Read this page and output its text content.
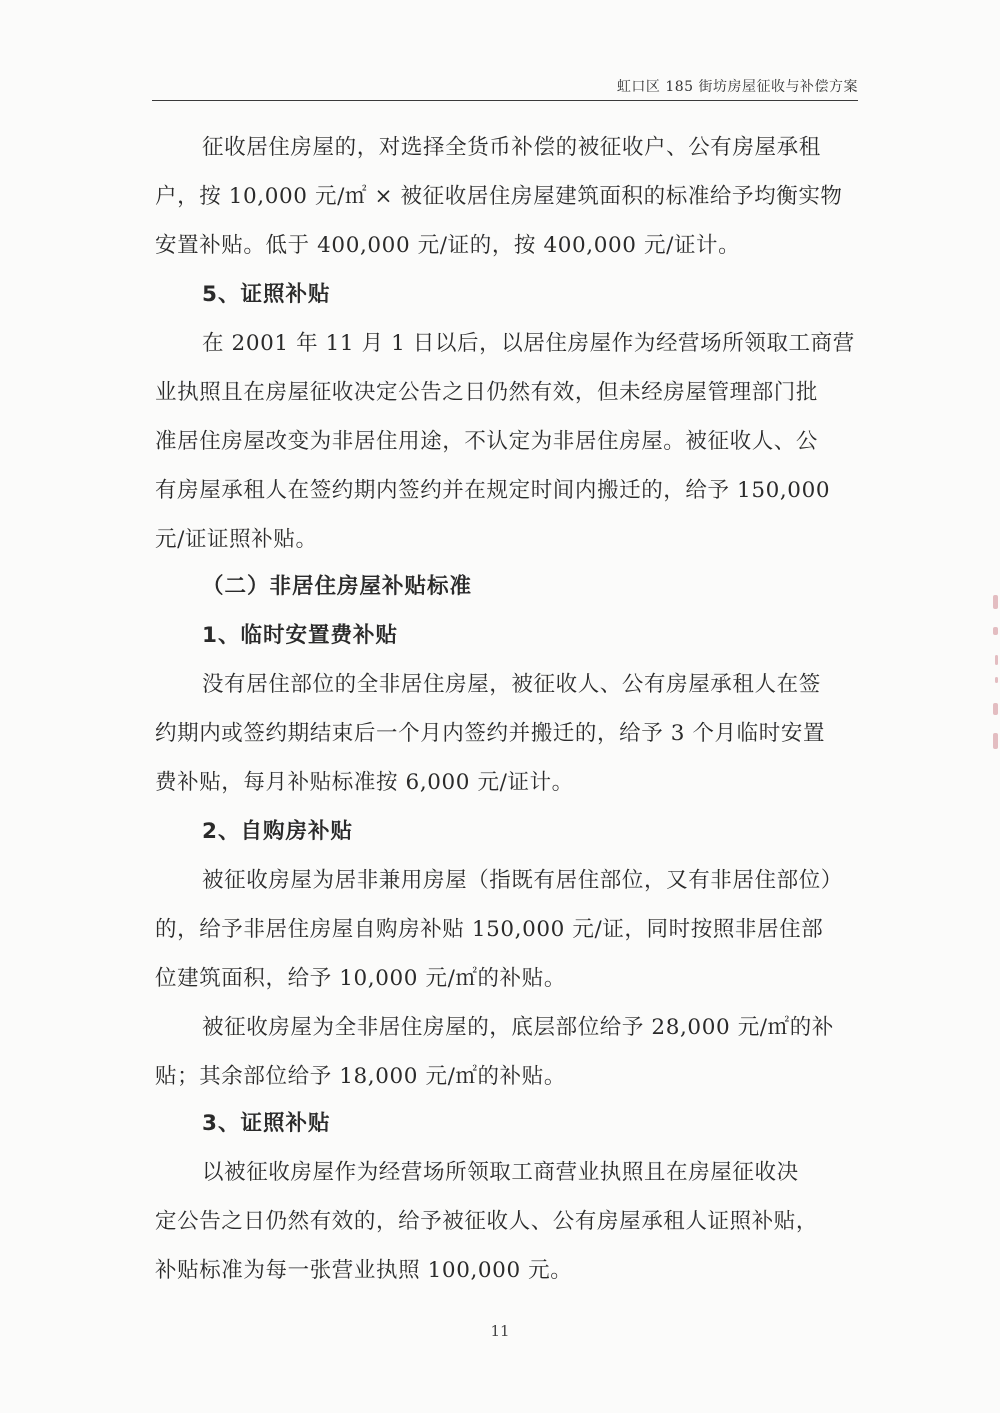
虹口区 185 街坊房屋征收与补偿方案
征收居住房屋的，对选择全货币补偿的被征收户、公有房屋承租
户，按 10,000 元/㎡ × 被征收居住房屋建筑面积的标准给予均衡实物
安置补贴。低于 400,000 元/证的，按 400,000 元/证计。
5、证照补贴
在 2001 年 11 月 1 日以后，以居住房屋作为经营场所领取工商营
业执照且在房屋征收决定公告之日仍然有效，但未经房屋管理部门批
准居住房屋改变为非居住用途，不认定为非居住房屋。被征收人、公
有房屋承租人在签约期内签约并在规定时间内搬迁的，给予 150,000
元/证证照补贴。
（二）非居住房屋补贴标准
1、临时安置费补贴
没有居住部位的全非居住房屋，被征收人、公有房屋承租人在签
约期内或签约期结束后一个月内签约并搬迁的，给予 3 个月临时安置
费补贴，每月补贴标准按 6,000 元/证计。
2、自购房补贴
被征收房屋为居非兼用房屋（指既有居住部位，又有非居住部位）
的，给予非居住房屋自购房补贴 150,000 元/证，同时按照非居住部
位建筑面积，给予 10,000 元/㎡的补贴。
被征收房屋为全非居住房屋的，底层部位给予 28,000 元/㎡的补
贴；其余部位给予 18,000 元/㎡的补贴。
3、证照补贴
以被征收房屋作为经营场所领取工商营业执照且在房屋征收决
定公告之日仍然有效的，给予被征收人、公有房屋承租人证照补贴，
补贴标准为每一张营业执照 100,000 元。
11
